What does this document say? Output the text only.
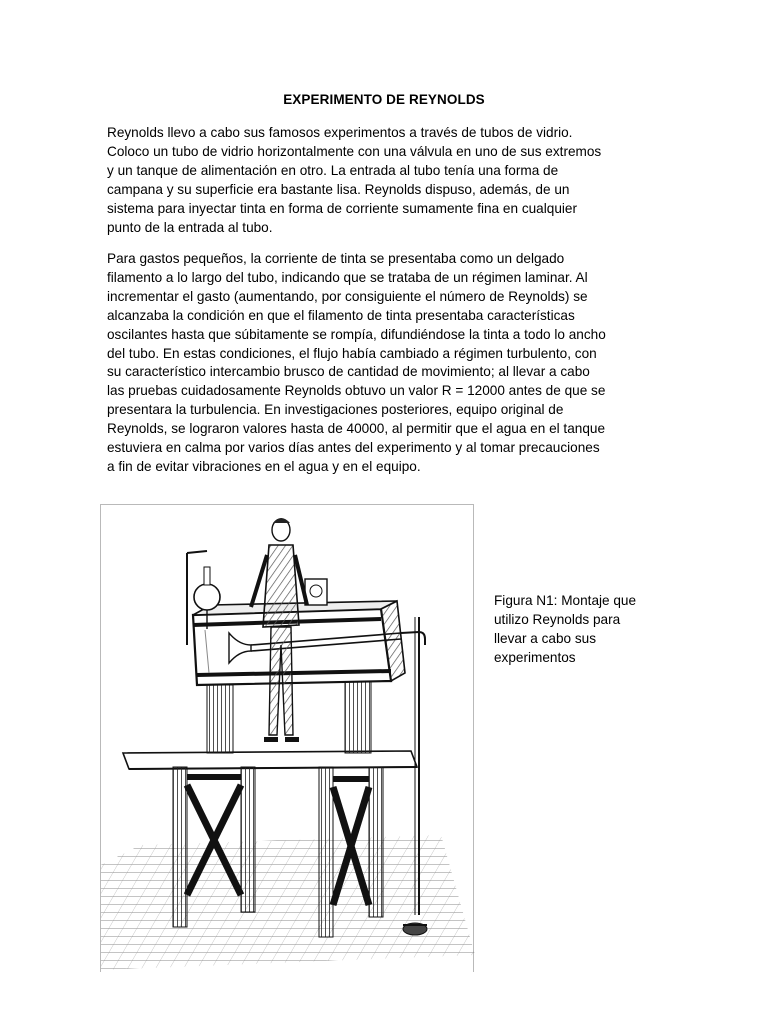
EXPERIMENTO DE REYNOLDS
Reynolds llevo a cabo sus famosos experimentos a través de tubos de vidrio.
Coloco un tubo de vidrio horizontalmente con una válvula en uno de sus extremos
y un tanque de alimentación en otro. La entrada al tubo tenía una forma de
campana y su superficie era bastante lisa. Reynolds dispuso, además, de un
sistema para inyectar tinta en forma de corriente sumamente fina en cualquier
punto de la entrada al tubo.
Para gastos pequeños, la corriente de tinta se presentaba como un delgado
filamento a lo largo del tubo, indicando que se trataba de un régimen laminar. Al
incrementar el gasto (aumentando, por consiguiente el número de Reynolds) se
alcanzaba la condición en que el filamento de tinta presentaba características
oscilantes hasta que súbitamente se rompía, difundiéndose la tinta a todo lo ancho
del tubo. En estas condiciones, el flujo había cambiado a régimen turbulento, con
su característico intercambio brusco de cantidad de movimiento; al llevar a cabo
las pruebas cuidadosamente Reynolds obtuvo un valor R = 12000 antes de que se
presentara la turbulencia. En investigaciones posteriores, equipo original de
Reynolds, se lograron valores hasta de 40000, al permitir que el agua en el tanque
estuviera en calma por varios días antes del experimento y al tomar precauciones
a fin de evitar vibraciones en el agua y en el equipo.
Figura N1: Montaje que
utilizo Reynolds para
llevar a cabo sus
experimentos
